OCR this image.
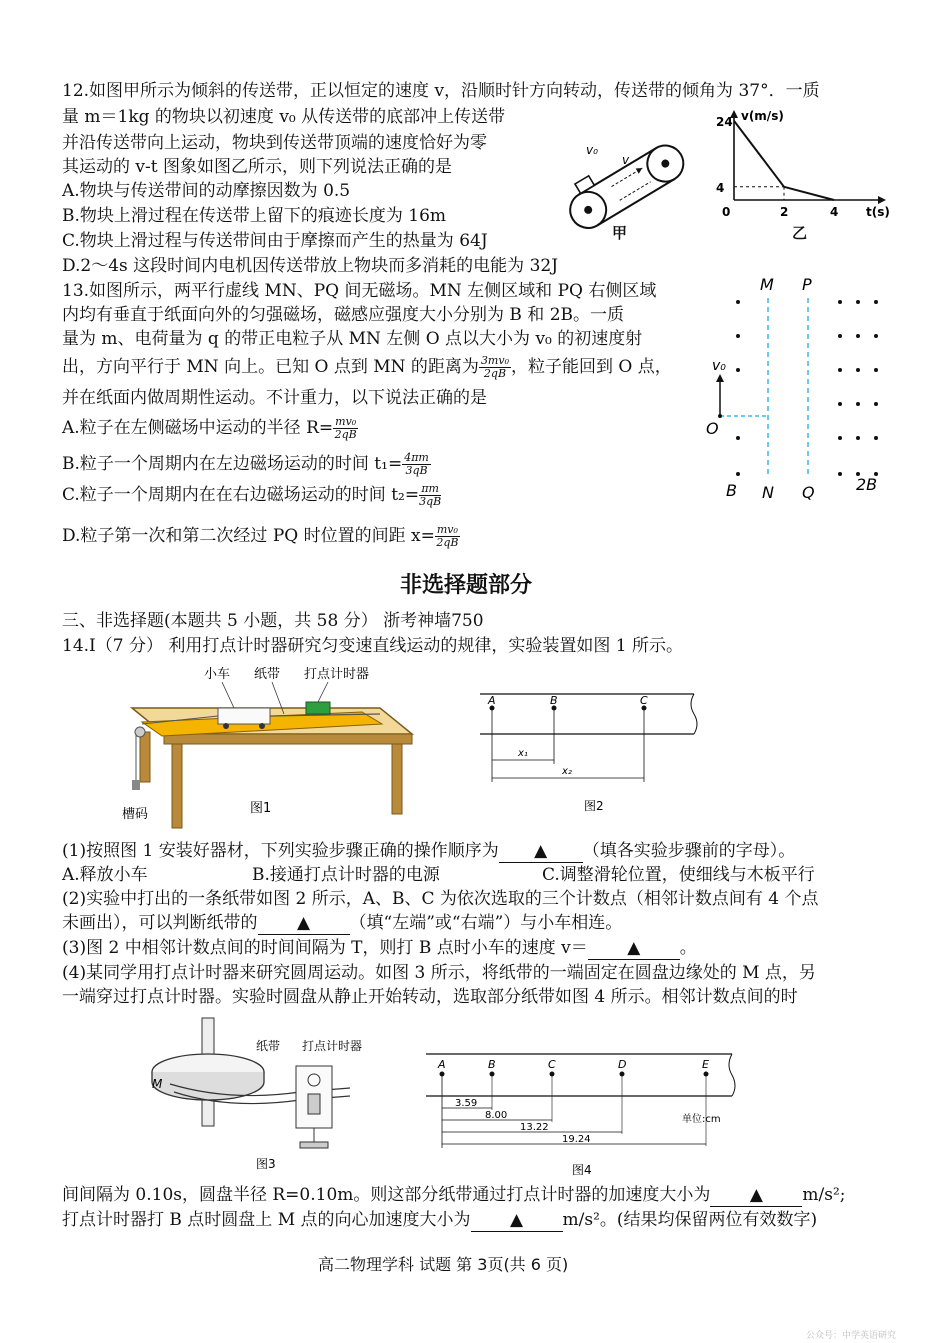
12.如图甲所示为倾斜的传送带，正以恒定的速度 v，沿顺时针方向转动，传送带的倾角为 37°．一质
量 m＝1kg 的物块以初速度 v₀ 从传送带的底部冲上传送带
并沿传送带向上运动，物块到传送带顶端的速度恰好为零
其运动的 v-t 图象如图乙所示，则下列说法正确的是
A.物块与传送带间的动摩擦因数为 0.5
B.物块上滑过程在传送带上留下的痕迹长度为 16m
C.物块上滑过程与传送带间由于摩擦而产生的热量为 64J
D.2～4s 这段时间内电机因传送带放上物块而多消耗的电能为 32J
v₀
v
甲
v(m/s)
t(s)
0
24
4
2	4
乙
13.如图所示，两平行虚线 MN、PQ 间无磁场。MN 左侧区域和 PQ 右侧区域
内均有垂直于纸面向外的匀强磁场，磁感应强度大小分别为 B 和 2B。一质
量为 m、电荷量为 q 的带正电粒子从 MN 左侧 O 点以大小为 v₀ 的初速度射
出，方向平行于 MN 向上。已知 O 点到 MN 的距离为 $\frac{\text{3mv₀}}{2qB}$ ，粒子能回到 O 点，
并在纸面内做周期性运动。不计重力，以下说法正确的是
A.粒子在左侧磁场中运动的半径 $R= \frac{\text{mv₀}}{2qB}$
B.粒子一个周期内在左边磁场运动的时间 $t_1= \frac{4\pi m}{3qB}$
C.粒子一个周期内在在右边磁场运动的时间 $t_2= \frac{\pi m}{3qB}$
D.粒子第一次和第二次经过 PQ 时位置的间距 $x= \frac{\text{mv₀}}{2qB}$
M P
v₀
O
B N Q	2B
非选择题部分
三、非选择题(本题共 5 小题，共 58 分） 浙考神墙750
14.Ⅰ（7 分） 利用打点计时器研究匀变速直线运动的规律，实验装置如图 1 所示。
小车 纸带 打点计时器
槽码	图1
A	B	C
x₁
x₂
图2
(1)按照图 1 安装好器材，下列实验步骤正确的操作顺序为 ▲ （填各实验步骤前的字母）。
A.释放小车	B.接通打点计时器的电源	C.调整滑轮位置，使细线与木板平行
(2)实验中打出的一条纸带如图 2 所示，A、B、C 为依次选取的三个计数点（相邻计数点间有 4 个点
未画出），可以判断纸带的 ▲ （填“左端”或“右端”）与小车相连。
(3)图 2 中相邻计数点间的时间间隔为 T，则打 B 点时小车的速度 v＝ ▲ 。
(4)某同学用打点计时器来研究圆周运动。如图 3 所示，将纸带的一端固定在圆盘边缘处的 M 点，另
一端穿过打点计时器。实验时圆盘从静止开始转动，选取部分纸带如图 4 所示。相邻计数点间的时
M
纸带 打点计时器
图3
A	B	C	D	E
3.59
8.00
13.22
19.24
单位:cm
图4
间间隔为 0.10s，圆盘半径 R=0.10m。则这部分纸带通过打点计时器的加速度大小为 ▲ m/s²;
打点计时器打 B 点时圆盘上 M 点的向心加速度大小为 ▲ m/s²。(结果均保留两位有效数字)
高二物理学科 试题 第 3页(共 6 页)
公众号：中学英语研究
